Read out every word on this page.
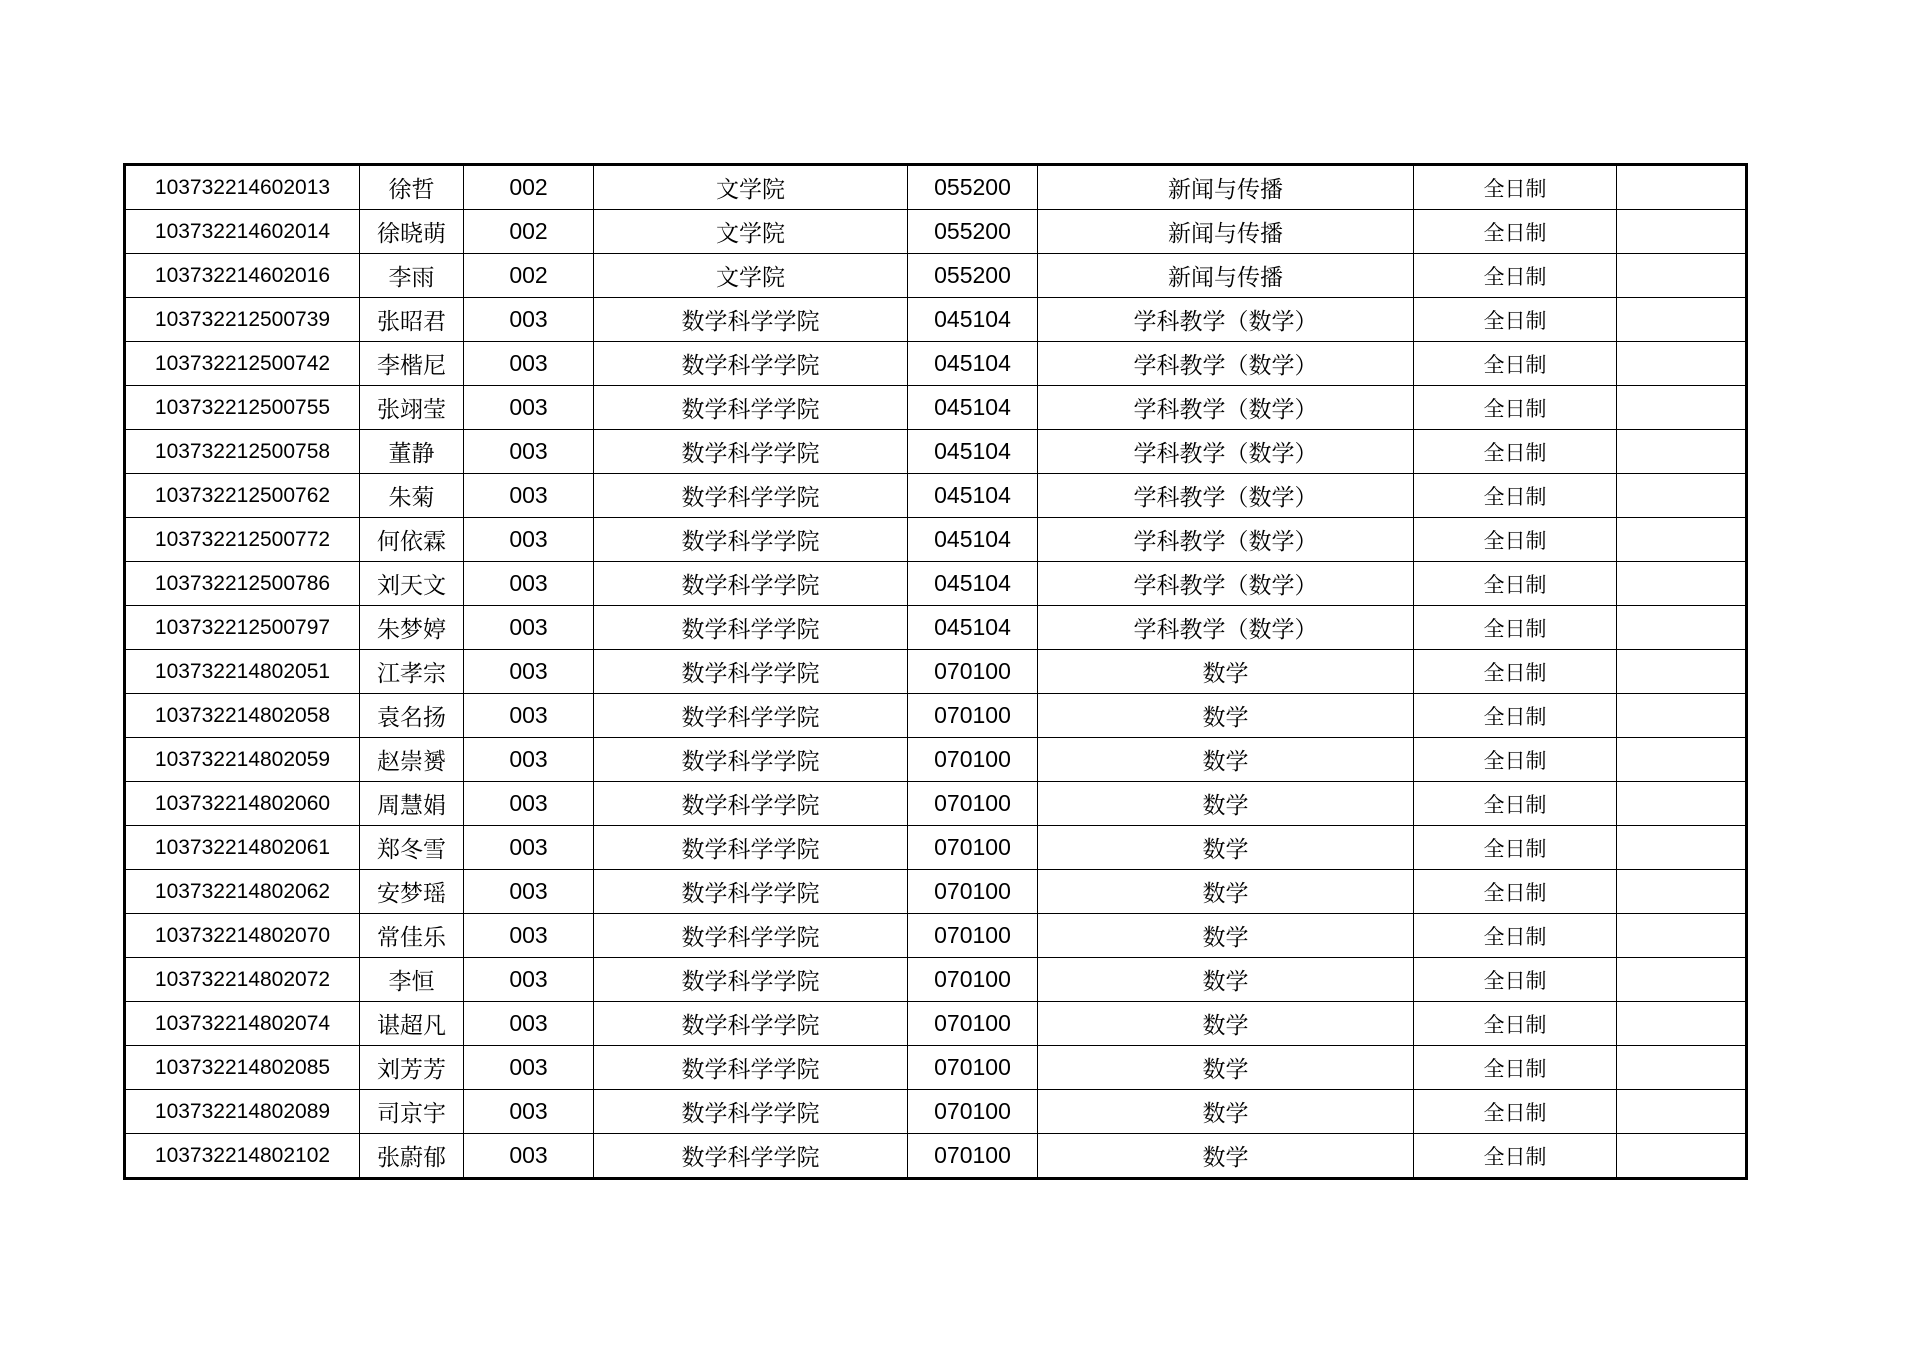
103732214602013	徐哲	002	文学院	055200	新闻与传播	全日制	
103732214602014	徐晓萌	002	文学院	055200	新闻与传播	全日制	
103732214602016	李雨	002	文学院	055200	新闻与传播	全日制	
103732212500739	张昭君	003	数学科学学院	045104	学科教学（数学）	全日制	
103732212500742	李楷尼	003	数学科学学院	045104	学科教学（数学）	全日制	
103732212500755	张翊莹	003	数学科学学院	045104	学科教学（数学）	全日制	
103732212500758	董静	003	数学科学学院	045104	学科教学（数学）	全日制	
103732212500762	朱菊	003	数学科学学院	045104	学科教学（数学）	全日制	
103732212500772	何依霖	003	数学科学学院	045104	学科教学（数学）	全日制	
103732212500786	刘天文	003	数学科学学院	045104	学科教学（数学）	全日制	
103732212500797	朱梦婷	003	数学科学学院	045104	学科教学（数学）	全日制	
103732214802051	江孝宗	003	数学科学学院	070100	数学	全日制	
103732214802058	袁名扬	003	数学科学学院	070100	数学	全日制	
103732214802059	赵崇赟	003	数学科学学院	070100	数学	全日制	
103732214802060	周慧娟	003	数学科学学院	070100	数学	全日制	
103732214802061	郑冬雪	003	数学科学学院	070100	数学	全日制	
103732214802062	安梦瑶	003	数学科学学院	070100	数学	全日制	
103732214802070	常佳乐	003	数学科学学院	070100	数学	全日制	
103732214802072	李恒	003	数学科学学院	070100	数学	全日制	
103732214802074	谌超凡	003	数学科学学院	070100	数学	全日制	
103732214802085	刘芳芳	003	数学科学学院	070100	数学	全日制	
103732214802089	司京宇	003	数学科学学院	070100	数学	全日制	
103732214802102	张蔚郁	003	数学科学学院	070100	数学	全日制	
